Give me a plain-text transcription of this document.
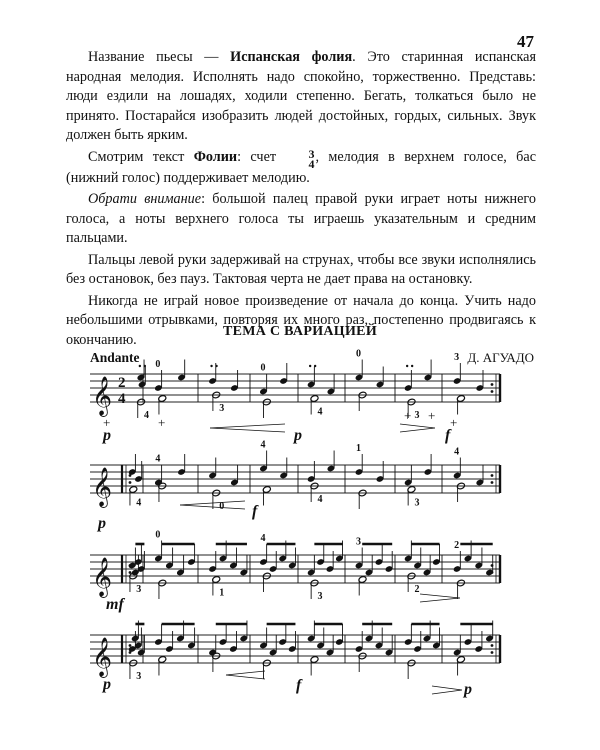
47

Название пьесы — Испанская фолия. Это старинная испанская народная мелодия. Исполнять надо спокойно, торжественно. Представь: люди ездили на лошадях, ходили степенно. Бегать, толкаться было не принято. Постарайся изобразить людей достойных, гордых, сильных. Звук должен быть ярким.

Смотрим текст Фолии: счет	3
4 , мелодия в верхнем голосе, бас (нижний голос) поддерживает мелодию.

Обрати внимание: большой палец правой руки играет ноты нижнего голоса, а ноты верхнего голоса ты играешь указательным и средним пальцами.

Пальцы левой руки задерживай на струнах, чтобы все звуки исполнялись без остановок, без пауз. Тактовая черта не дает права на остановку.

Никогда не играй новое произведение от начала до конца. Учить надо небольшими отрывками, повторяя их много раз, постепенно продвигаясь к окончанию.	ТЕМА С ВАРИАЦИЕЙ
Andante	Д. АГУАДО
𝄞 2
4
4
0
3
0
4
0
3
3
p	f
p
+	+	+ + +
𝄞 4
4
0
4
4
1
3
4
p
f
𝄞 3
0
1
4
3
3
2
2
mf
𝄞
3
p	f	p
